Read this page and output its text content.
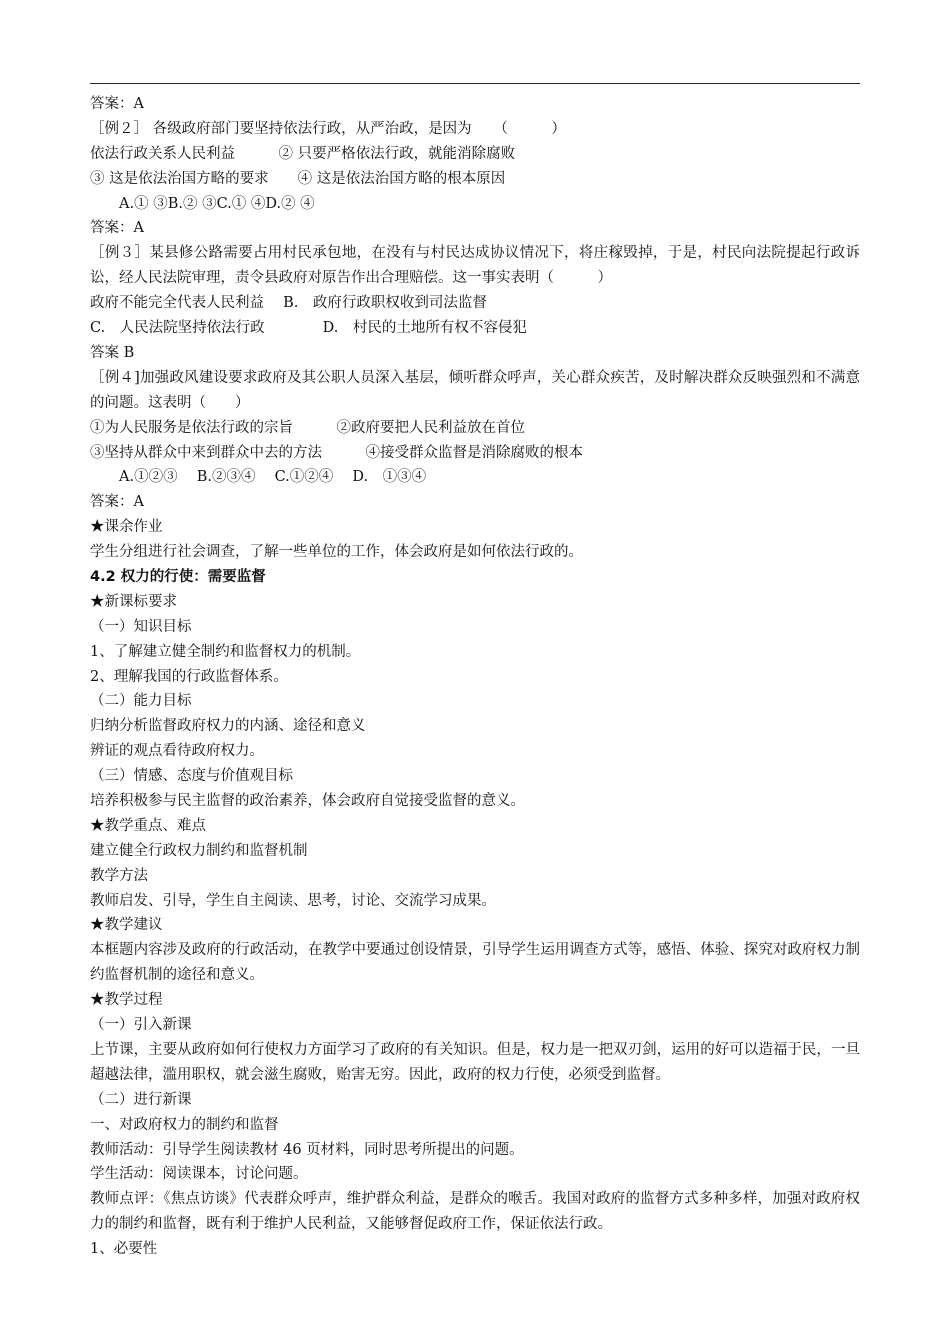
答案：A
［例２］ 各级政府部门要坚持依法行政，从严治政，是因为　　（　　　）
依法行政关系人民利益　　　② 只要严格依法行政，就能消除腐败
③ 这是依法治国方略的要求　　④ 这是依法治国方略的根本原因
　　A.① ③B.② ③C.① ④D.② ④
答案：A
［例３］某县修公路需要占用村民承包地，在没有与村民达成协议情况下，将庄稼毁掉，于是，村民向法院提起行政诉讼，经人民法院审理，责令县政府对原告作出合理赔偿。这一事实表明（　　　）
政府不能完全代表人民利益　 B.　政府行政职权收到司法监督
C.　人民法院坚持依法行政　　　　D.　村民的土地所有权不容侵犯
答案 B
［例４]加强政风建设要求政府及其公职人员深入基层，倾听群众呼声，关心群众疾苦，及时解决群众反映强烈和不满意的问题。这表明（　　）
①为人民服务是依法行政的宗旨　　　②政府要把人民利益放在首位
③坚持从群众中来到群众中去的方法　　　④接受群众监督是消除腐败的根本
　　A.①②③　 B.②③④　 C.①②④　 D.　①③④
答案：A
★课余作业
学生分组进行社会调查，了解一些单位的工作，体会政府是如何依法行政的。
4.2 权力的行使：需要监督
★新课标要求
（一）知识目标
1、了解建立健全制约和监督权力的机制。
2、理解我国的行政监督体系。
（二）能力目标
归纳分析监督政府权力的内涵、途径和意义
辨证的观点看待政府权力。
（三）情感、态度与价值观目标
培养积极参与民主监督的政治素养，体会政府自觉接受监督的意义。
★教学重点、难点
建立健全行政权力制约和监督机制
教学方法
教师启发、引导，学生自主阅读、思考，讨论、交流学习成果。
★教学建议
本框题内容涉及政府的行政活动，在教学中要通过创设情景，引导学生运用调查方式等，感悟、体验、探究对政府权力制约监督机制的途径和意义。
★教学过程
（一）引入新课
上节课，主要从政府如何行使权力方面学习了政府的有关知识。但是，权力是一把双刃剑，运用的好可以造福于民，一旦超越法律，滥用职权，就会滋生腐败，贻害无穷。因此，政府的权力行使，必须受到监督。
（二）进行新课
一、对政府权力的制约和监督
教师活动：引导学生阅读教材 46 页材料，同时思考所提出的问题。
学生活动：阅读课本，讨论问题。
教师点评：《焦点访谈》代表群众呼声，维护群众利益，是群众的喉舌。我国对政府的监督方式多种多样，加强对政府权力的制约和监督，既有利于维护人民利益，又能够督促政府工作，保证依法行政。
1、必要性
